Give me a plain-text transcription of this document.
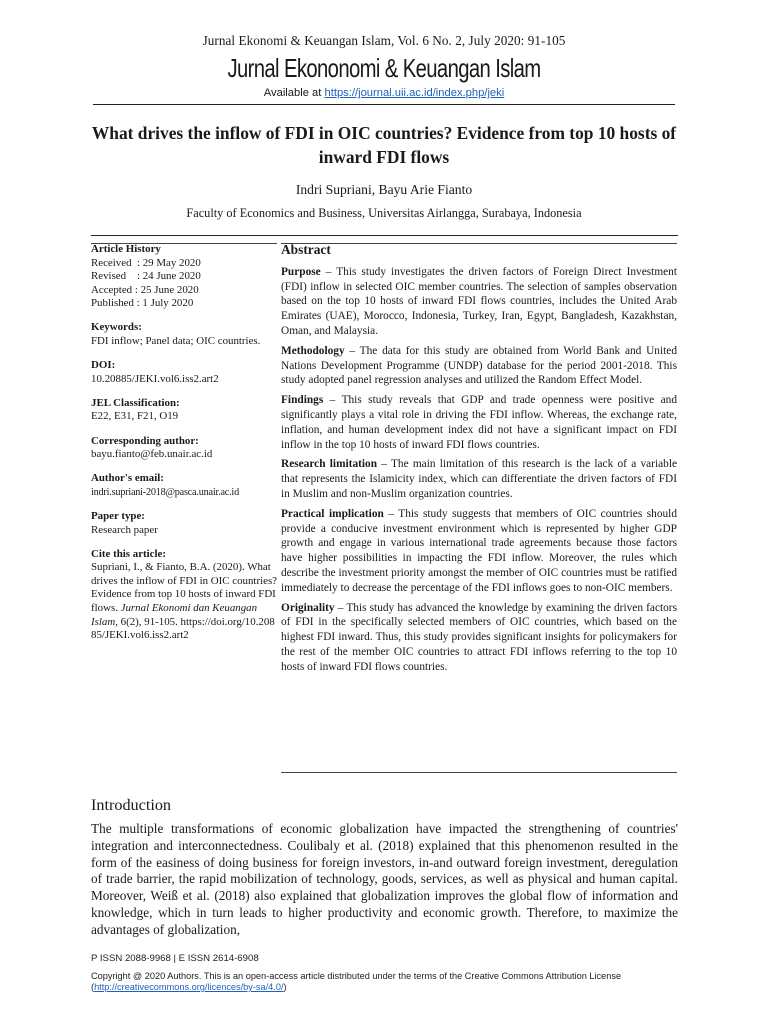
Jurnal Ekonomi & Keuangan Islam, Vol. 6 No. 2, July 2020: 91-105
Jurnal Ekononomi & Keuangan Islam
Available at https://journal.uii.ac.id/index.php/jeki
What drives the inflow of FDI in OIC countries? Evidence from top 10 hosts of inward FDI flows
Indri Supriani, Bayu Arie Fianto
Faculty of Economics and Business, Universitas Airlangga, Surabaya, Indonesia
Article History
Received  : 29 May 2020
Revised    : 24 June 2020
Accepted : 25 June 2020
Published : 1 July 2020
Keywords:
FDI inflow; Panel data; OIC countries.
DOI:
10.20885/JEKI.vol6.iss2.art2
JEL Classification:
E22, E31, F21, O19
Corresponding author:
bayu.fianto@feb.unair.ac.id
Author's email:
indri.supriani-2018@pasca.unair.ac.id
Paper type:
Research paper
Cite this article:
Supriani, I., & Fianto, B.A. (2020). What drives the inflow of FDI in OIC countries? Evidence from top 10 hosts of inward FDI flows. Jurnal Ekonomi dan Keuangan Islam, 6(2), 91-105. https://doi.org/10.20885/JEKI.vol6.iss2.art2
Abstract

Purpose – This study investigates the driven factors of Foreign Direct Investment (FDI) inflow in selected OIC member countries. The selection of samples observation based on the top 10 hosts of inward FDI flows countries, includes the United Arab Emirates (UAE), Morocco, Indonesia, Turkey, Iran, Egypt, Bangladesh, Kazakhstan, Oman, and Malaysia.

Methodology – The data for this study are obtained from World Bank and United Nations Development Programme (UNDP) database for the period 2001-2018. This study adopted panel regression analyses and utilized the Random Effect Model.

Findings – This study reveals that GDP and trade openness were positive and significantly plays a vital role in driving the FDI inflow. Whereas, the exchange rate, inflation, and human development index did not have a significant impact on FDI inflow in the top 10 hosts of inward FDI flows countries.

Research limitation – The main limitation of this research is the lack of a variable that represents the Islamicity index, which can differentiate the driven factors of FDI in Muslim and non-Muslim organization countries.

Practical implication – This study suggests that members of OIC countries should provide a conducive investment environment which is represented by higher GDP growth and engage in various international trade agreements because those factors have higher possibilities in impacting the FDI inflow. Moreover, the rules which describe the investment priority amongst the member of OIC countries must be ratified immediately to decrease the percentage of the FDI inflows goes to non-OIC members.

Originality – This study has advanced the knowledge by examining the driven factors of FDI in the specifically selected members of OIC countries, which based on the highest FDI inward. Thus, this study provides significant insights for policymakers for the rest of the member OIC countries to attract FDI inflows referring to the top 10 hosts of inward FDI flows countries.

Introduction
The multiple transformations of economic globalization have impacted the strengthening of countries' integration and interconnectedness. Coulibaly et al. (2018) explained that this phenomenon resulted in the form of the easiness of doing business for foreign investors, in-and outward foreign investment, deregulation of trade barrier, the rapid mobilization of technology, goods, services, as well as physical and human capital. Moreover, Weiß et al. (2018) also explained that globalization improves the global flow of information and knowledge, which in turn leads to higher productivity and economic growth. Therefore, to maximize the advantages of globalization,
P ISSN 2088-9968 | E ISSN 2614-6908
Copyright @ 2020 Authors. This is an open-access article distributed under the terms of the Creative Commons Attribution License
(http://creativecommons.org/licences/by-sa/4.0/)
